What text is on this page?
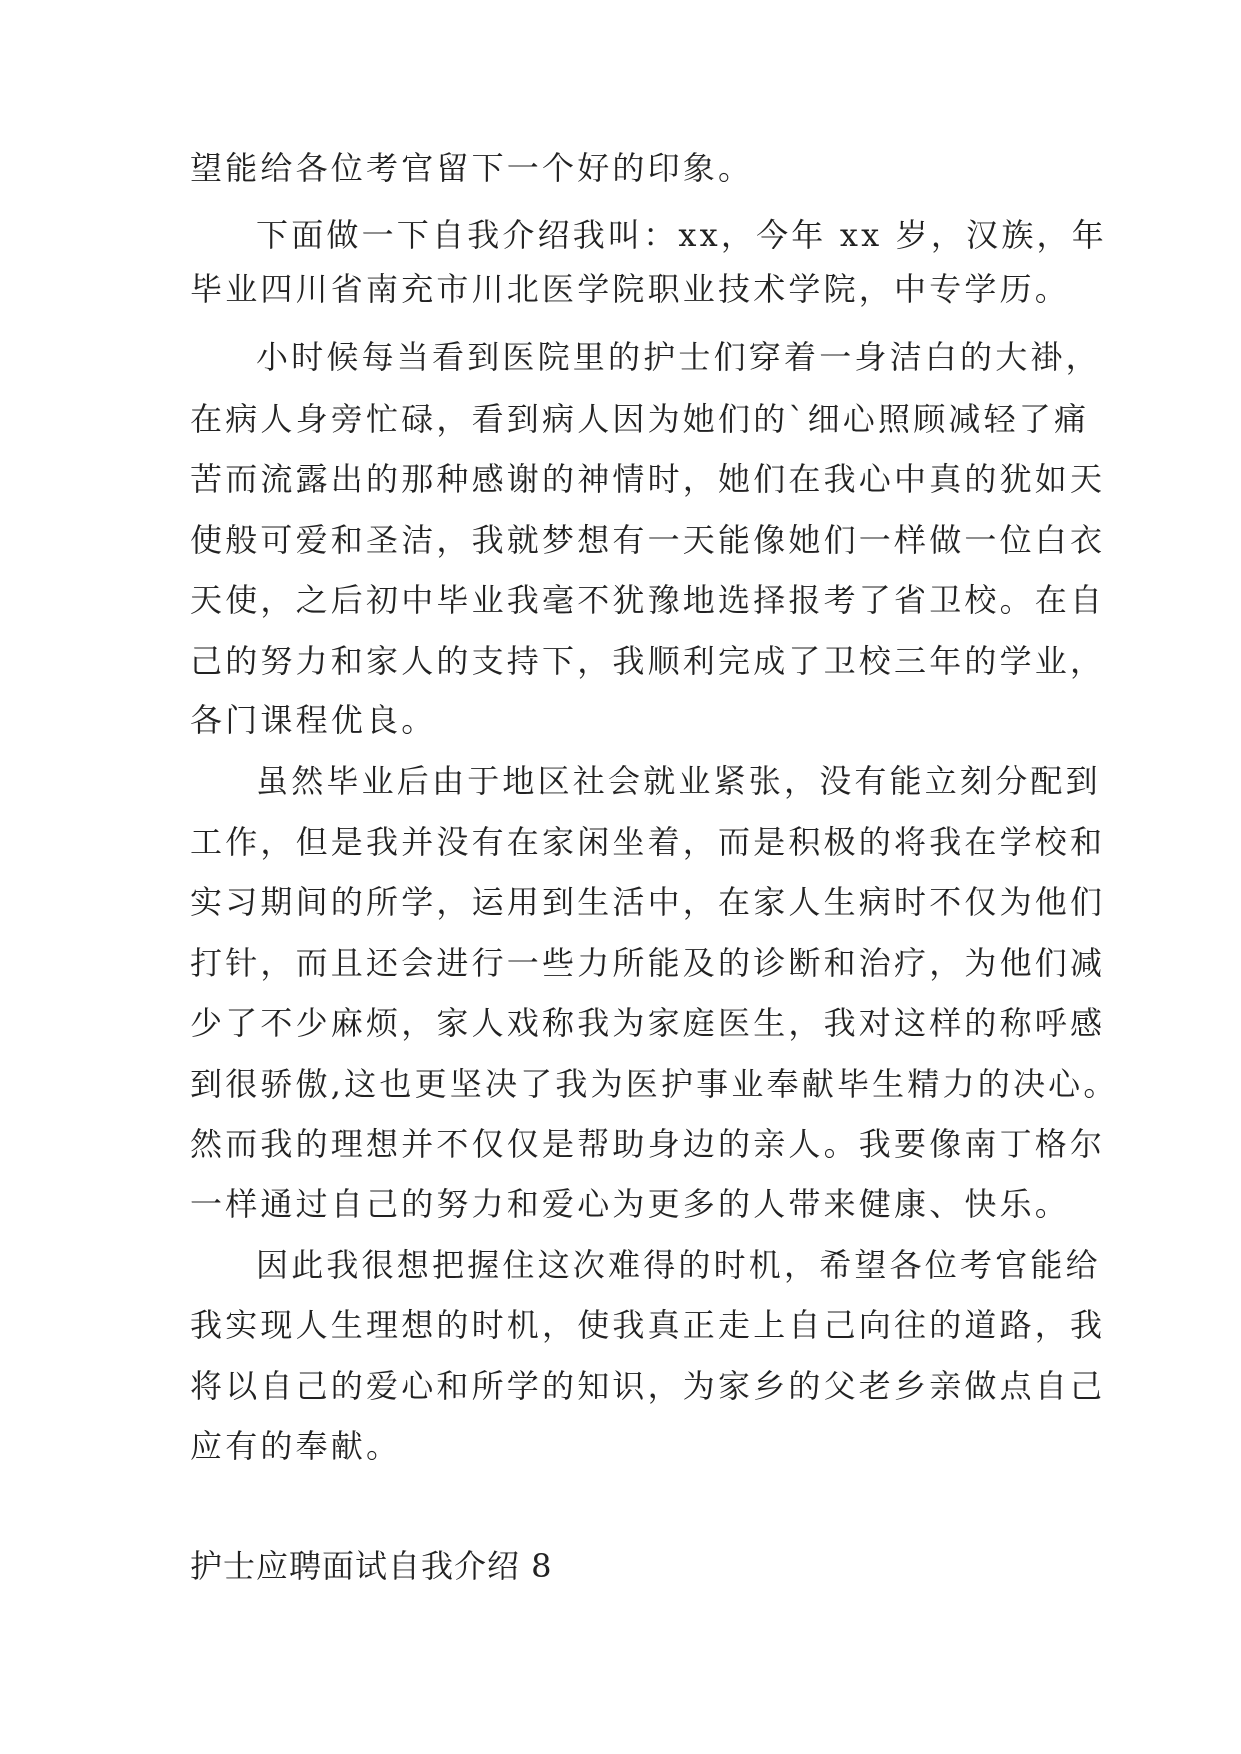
望能给各位考官留下一个好的印象。
下面做一下自我介绍我叫：xx，今年 xx 岁，汉族，年
毕业四川省南充市川北医学院职业技术学院，中专学历。
小时候每当看到医院里的护士们穿着一身洁白的大褂，
在病人身旁忙碌，看到病人因为她们的`细心照顾减轻了痛
苦而流露出的那种感谢的神情时，她们在我心中真的犹如天
使般可爱和圣洁，我就梦想有一天能像她们一样做一位白衣
天使，之后初中毕业我毫不犹豫地选择报考了省卫校。在自
己的努力和家人的支持下，我顺利完成了卫校三年的学业，
各门课程优良。
虽然毕业后由于地区社会就业紧张，没有能立刻分配到
工作，但是我并没有在家闲坐着，而是积极的将我在学校和
实习期间的所学，运用到生活中，在家人生病时不仅为他们
打针，而且还会进行一些力所能及的诊断和治疗，为他们减
少了不少麻烦，家人戏称我为家庭医生，我对这样的称呼感
到很骄傲,这也更坚决了我为医护事业奉献毕生精力的决心。
然而我的理想并不仅仅是帮助身边的亲人。我要像南丁格尔
一样通过自己的努力和爱心为更多的人带来健康、快乐。
因此我很想把握住这次难得的时机，希望各位考官能给
我实现人生理想的时机，使我真正走上自己向往的道路，我
将以自己的爱心和所学的知识，为家乡的父老乡亲做点自己
护士应聘面试自我介绍 8
应有的奉献。
